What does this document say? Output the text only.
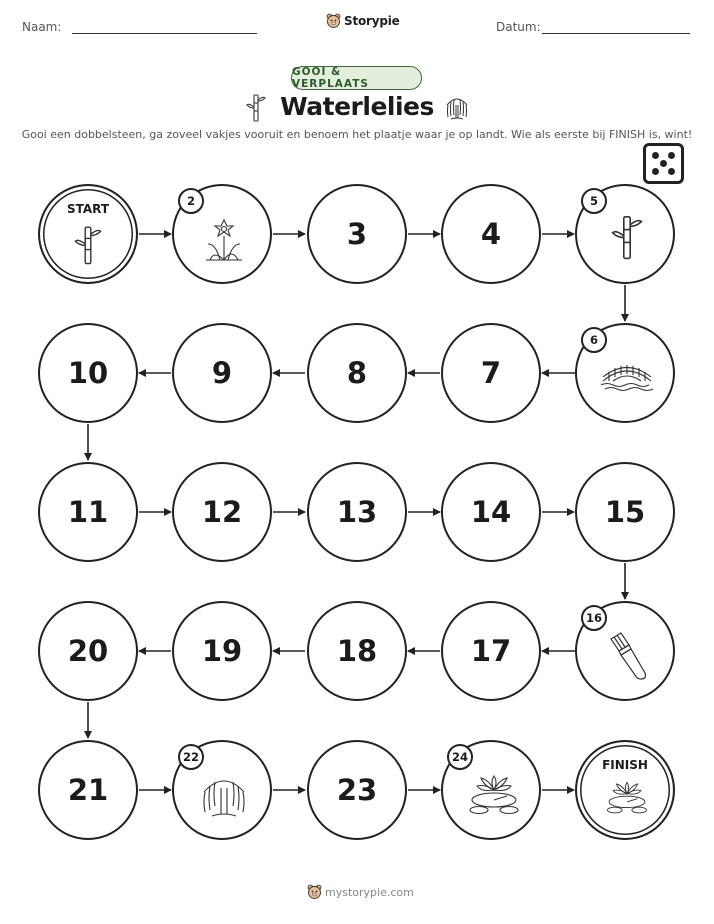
Naam:	Datum:
Storypie
GOOI & VERPLAATS
Waterlelies
Gooi een dobbelsteen, ga zoveel vakjes vooruit en benoem het plaatje waar je op landt. Wie als eerste bij FINISH is, wint!
START
2
3	4
5
10	9	8	7
6
11	12	13	14	15
20	19	18	17
16
21
22
23
24
FINISH
mystorypie.com
